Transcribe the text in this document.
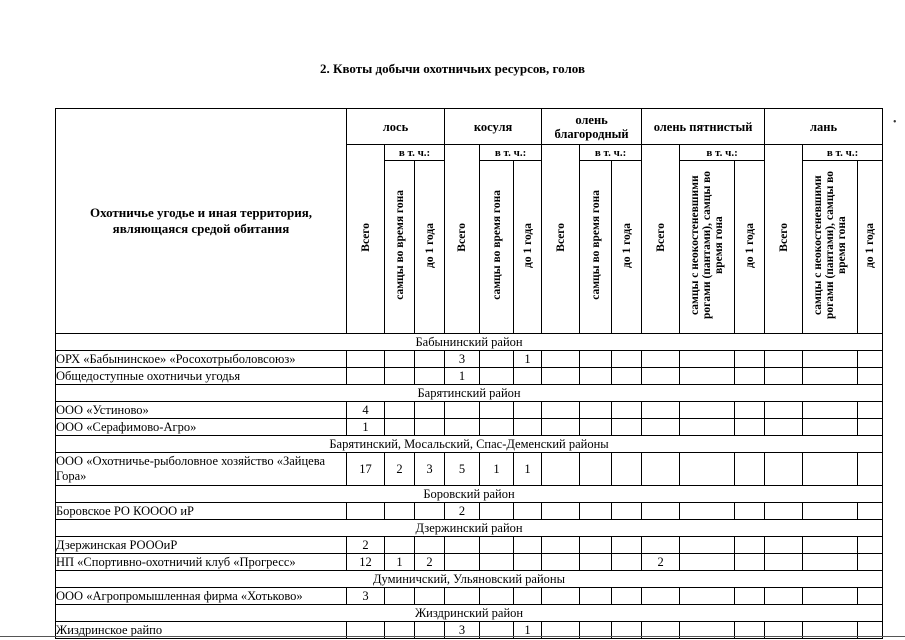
2. Квоты добычи охотничьих ресурсов, голов
Охотничье угодье и иная территория, являющаяся средой обитания	лось			косуля			олень благородный			олень пятнистый			лань		
	Всего	в т. ч.:		Всего	в т. ч.:		Всего	в т. ч.:		Всего	в т. ч.:		Всего	в т. ч.:	
		самцы во время гона	до 1 года		самцы во время гона	до 1 года		самцы во время гона	до 1 года		самцы с неокостеневшими рогами (пантами), самцы во время гона	до 1 года		самцы с неокостеневшими рогами (пантами), самцы во время гона	до 1 года
Бабынинский район															
ОРХ «Бабынинское» «Росохотрыболовсоюз»				3		1									
Общедоступные охотничьи угодья				1											
Барятинский район															
ООО «Устиново»	4														
ООО «Серафимово-Агро»	1														
Барятинский, Мосальский, Спас-Деменский районы															
ООО «Охотничье-рыболовное хозяйство «Зайцева Гора»	17	2	3	5	1	1									
Боровский район															
Боровское РО КОООО иР				2											
Дзержинский район															
Дзержинская РОООиР	2														
НП «Спортивно-охотничий клуб «Прогресс»	12	1	2							2					
Думиничский, Ульяновский районы															
ООО «Агропромышленная фирма «Хотьково»	3														
Жиздринский район															
Жиздринское райпо				3		1									
•
